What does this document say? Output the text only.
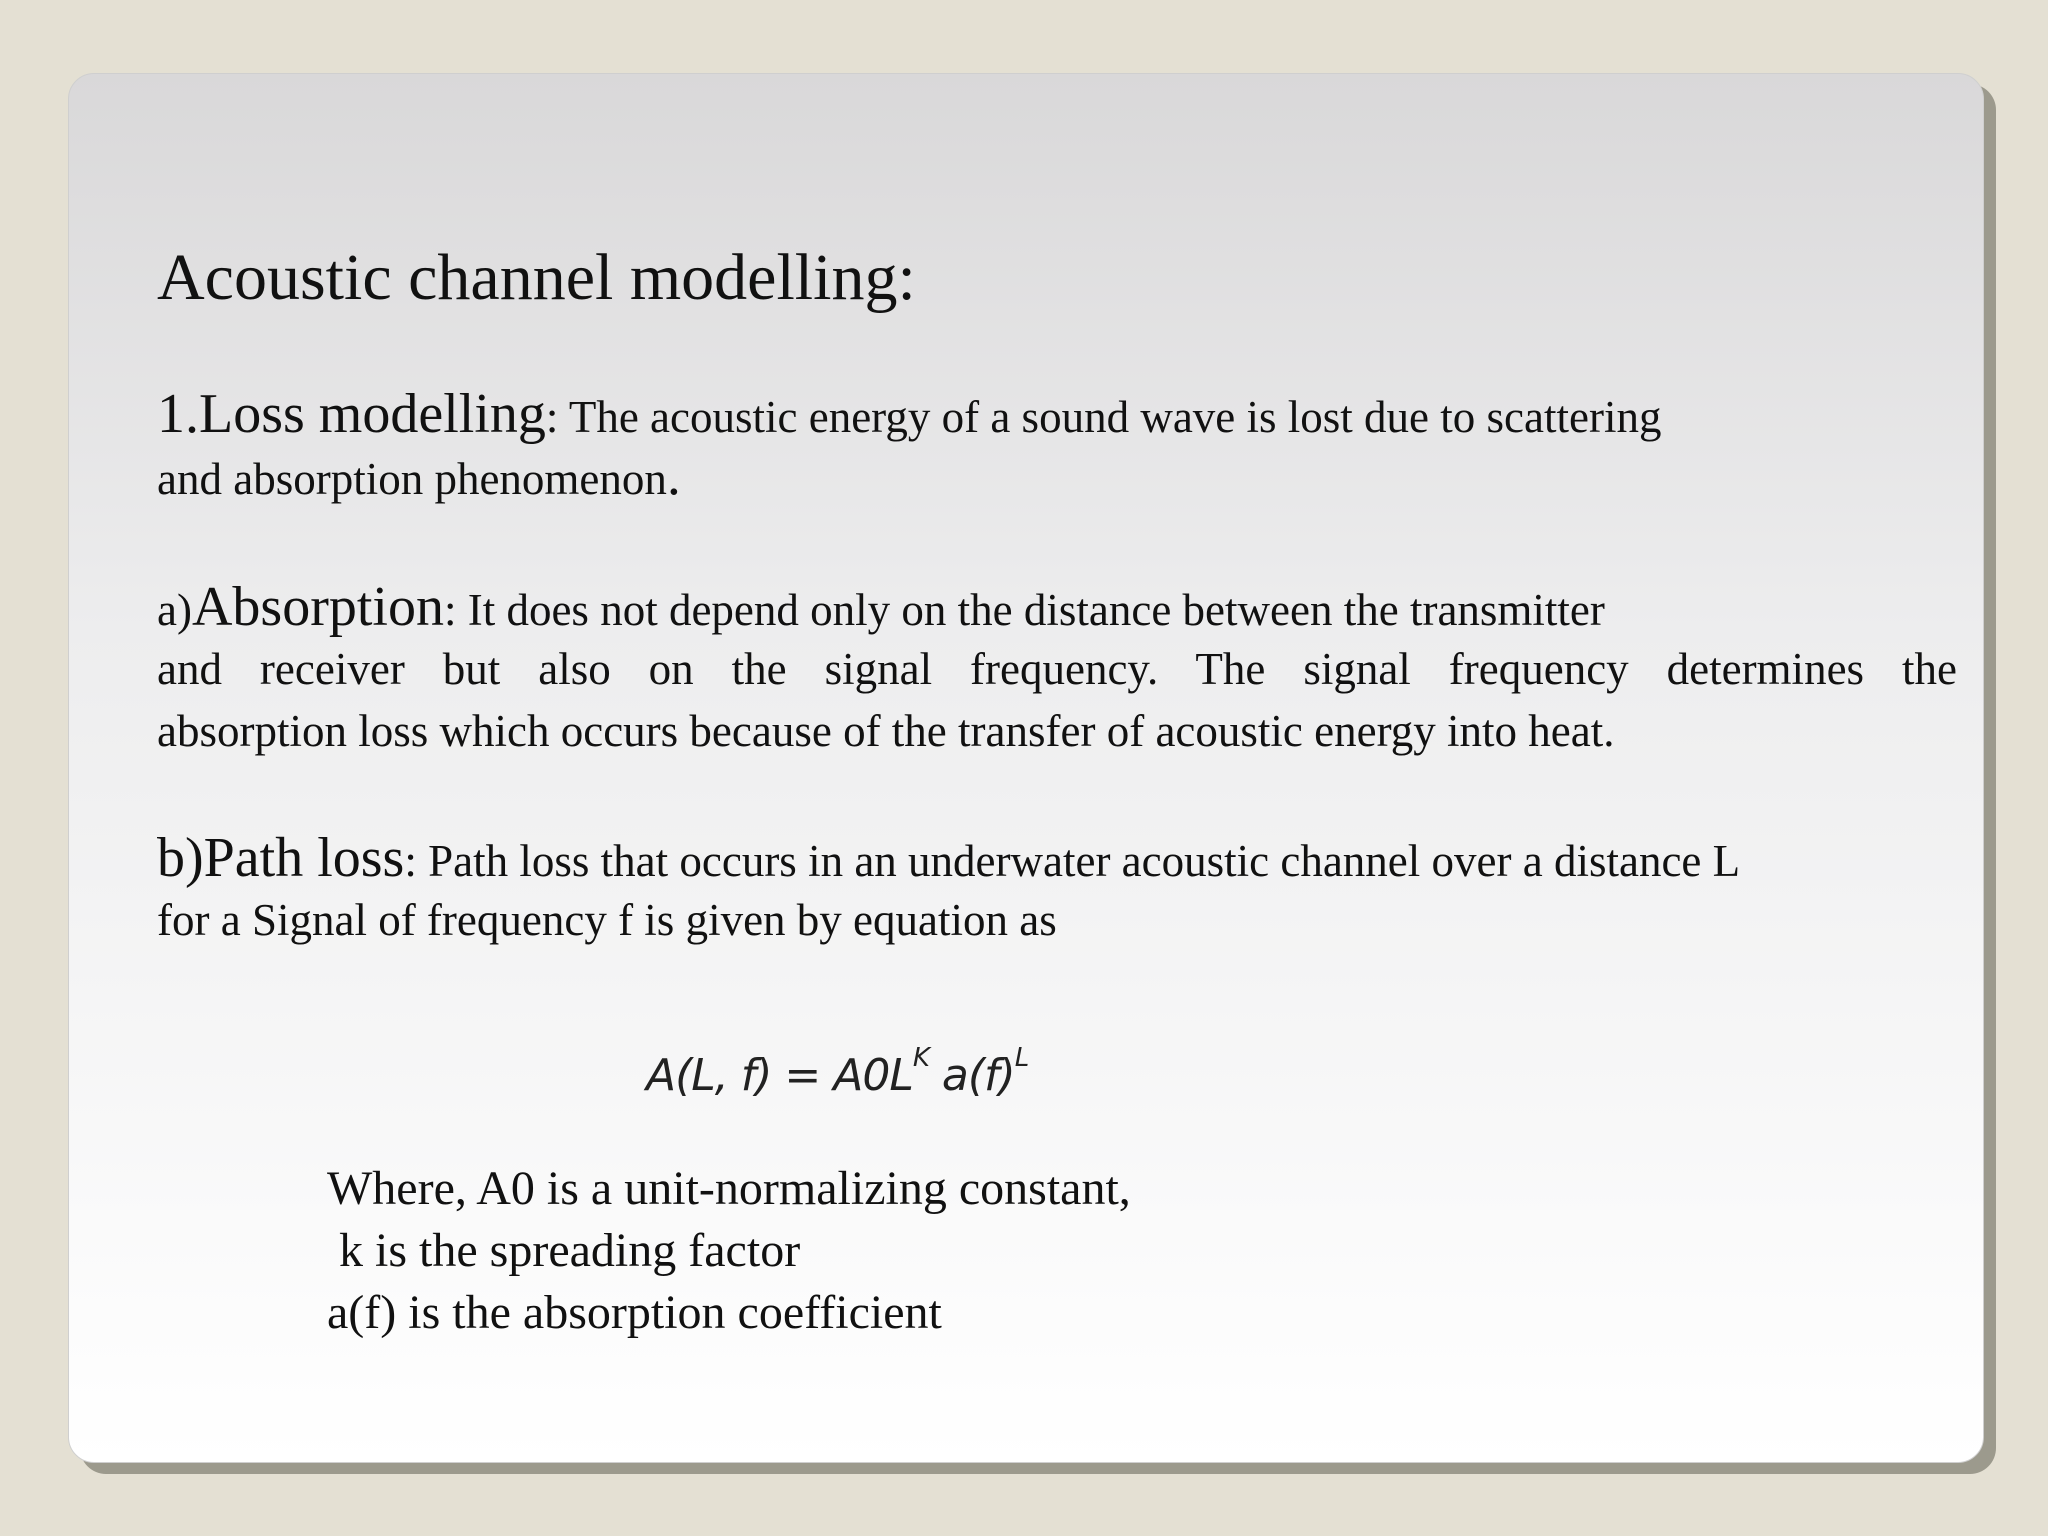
Acoustic channel modelling:
1.Loss modelling: The acoustic energy of a sound wave is lost due to scattering
and absorption phenomenon.
a)Absorption: It does not depend only on the distance between the transmitter
and receiver but also on the signal frequency. The signal frequency determines the
absorption loss which occurs because of the transfer of acoustic energy into heat.
b)Path loss: Path loss that occurs in an underwater acoustic channel over a distance L
for a Signal of frequency f is given by equation as
A(L, $f) = A0L^K$ $a(f)^L$
Where, A0 is a unit-normalizing constant,
k is the spreading factor
a(f) is the absorption coefficient
